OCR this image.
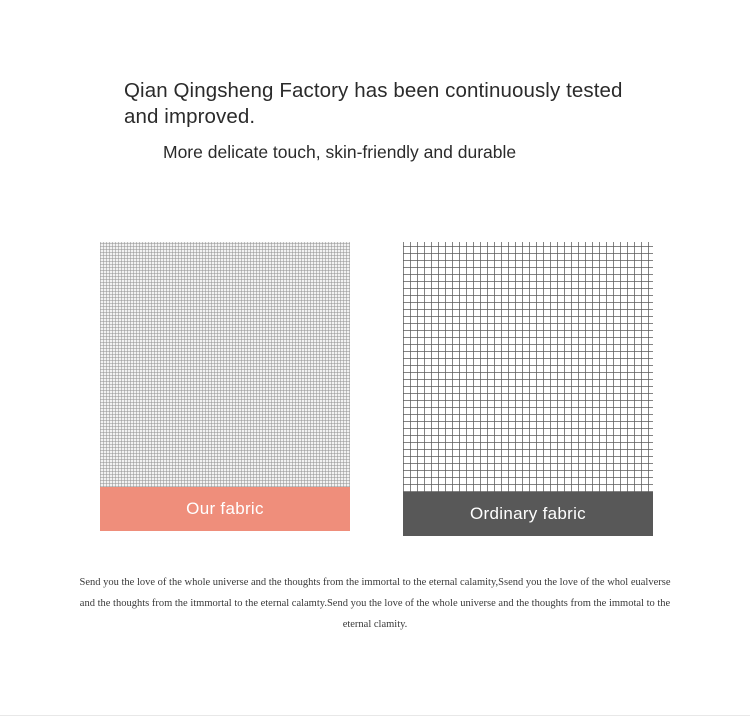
Qian Qingsheng Factory has been continuously tested and improved.
More delicate touch, skin-friendly and durable
Our fabric	Ordinary fabric
Send you the love of the whole universe and the thoughts from the immortal to the eternal calamity,Ssend you the love of the whol eualverse and the thoughts from the itmmortal to the eternal calamty.Send you the love of the whole universe and the thoughts from the immotal to the eternal clamity.
